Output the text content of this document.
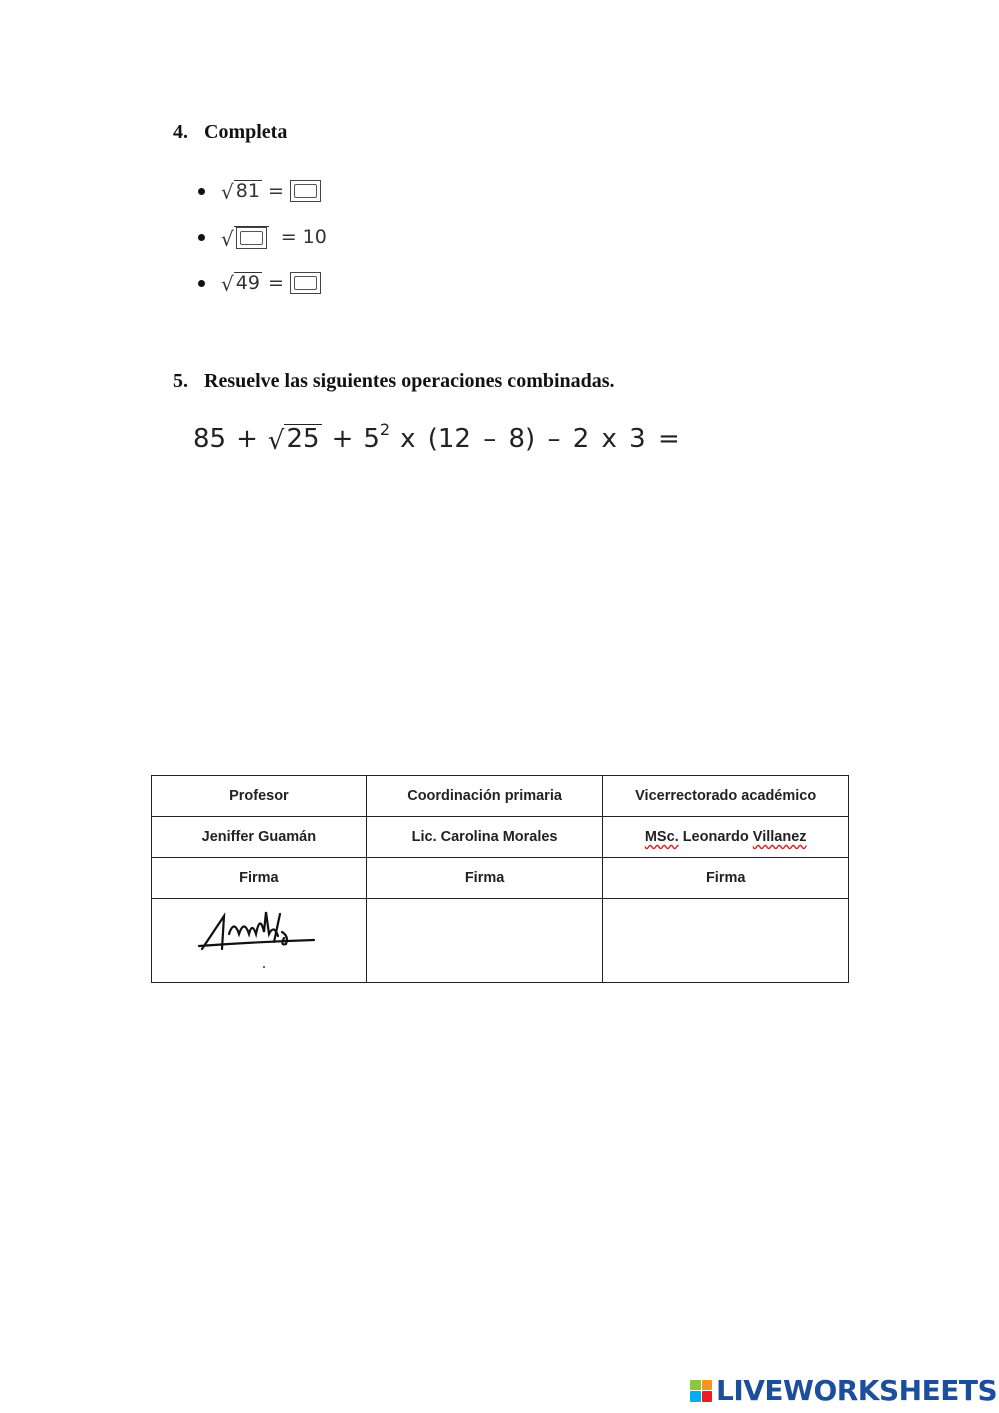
4. Completa
√ 81 =
√ = 10
√ 49 =
5. Resuelve las siguientes operaciones combinadas.
85 + √ 25 + 5 2 x (12 – 8) – 2 x 3 =
Profesor	Coordinación primaria	Vicerrectorado académico
Jeniffer Guamán	Lic. Carolina Morales	MSc. Leonardo Villanez
Firma	Firma	Firma

LIVEWORKSHEETS
